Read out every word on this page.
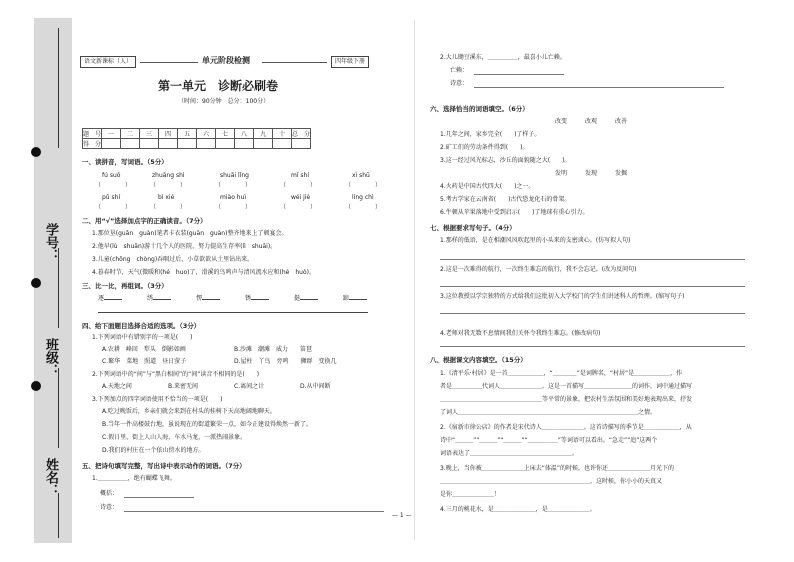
学号：
班级：
姓名：
语文新课标（人）	单元阶段检测	四年级下册
第一单元　诊断必刷卷
（时间：90分钟　总分：100分）
题　号	一	二	三	四	五	六	七	八	九	十	总　分
得　分											
一、读拼音，写词语。（5分）
fú suǒ	zhuāng shì	shuāi lǐng	mǐ shí	xì shū
（　　　　）	（　　　　）	（　　　　）	（　　　　）	（　　　　）
pǔ shí	bì xié	miào huì	wéi jiè	líng chì
（　　　　）	（　　　　）	（　　　　）	（　　　　）	（　　　　）
二、用“√”选择加点字的正确读音。（7分）
1.那位垦(guān　guàn)笔者卡衣装(guān　guàn)整齐地来上了顿宴会。
2.他早(lù　shuān)游十几个人的医院，努力提高生存率(lì　shuāi)。
3.儿童(chōng　chòng)吞咽过后，小草欲欲从土里钻出来。
4.暮春时节，天气(微暖和(hé　huo)了，滑溪的鸟鸣声与清风流水应和(hé　huò)。
三、比一比，再组词。（3分）
逐	绣	愣	锈	挺	蹄
四、给下面题目选择合适的选项。（3分）
1.下列词语中有错别字的一项是(　　)
A.农耕　峰回　犁头　倒影如画	B.沙滩　潮滩　威力　　笛琶
C.繁华　菜地　照道　昼日萤子	D.屋柱　丫鸟　旁鸣　　狮群　变换几
2.下列词语中的“间”与“黑白相间”的“间”读音不相同的是(　　)
A.天地之间	B.来密无间	C.离间之计	D.从中间断
3.下列加点的四字词语使用不恰当的一项是(　　)
A.吃过晚饭后，乡亲们就会来到在村头的桂树下天高地阔地聊天。
B.当年一件高楼鼓台地，虽说现在的街道繁荣一点，如今正建设得焕然一新了。
C.假日里，街上人山人海，车水马龙，一派热闹景象。
D.我们的村庄在一个依山傍水的地方。
五、把诗句填写完整，写出诗中表示动作的词语。（7分）
1.＿＿＿＿＿，绝有蝴蝶飞舞。
概括：
诗意：
— 1 —
2.大儿锄豆溪东，＿＿＿＿＿，最喜小儿亡赖。
亡赖：
诗意：
六、选择恰当的词语填空。（6分）
改变	改观	改善
1.几年之间，家乡完全(　　)了样子。
2.矿工们的劳动条件得到(　　)。
3.这一经过风光标志，沙丘的面貌随之大(　　)。
发明	发现	发掘
4.火药是中国古代四大(　　)之一。
5.考古学家在云南省(　　)古代恐龙化石的骨架。
6.牛顿从苹果落地中受到启示(　　)了地球有重心引力。
七、根据要求写句子。（4分）
1.那样的低语，是在相潮风风吹起里的小头来的支密谈心。(仿写拟人句)
2.这是一次难得的航行，一次终生难忘的航行，我不会忘记。(改为反问句)
3.这位教授以学宗独特的方式给我们这批初入大学校门的学生们讲述科人的哲理。(缩写句子)
4.老师对我无数不息情间我们关怀令我终生难忘。(修改病句)
八、根据课文内容填空。（15分）
1.《清平乐·村居》是一首＿＿＿＿＿＿，“＿＿＿＿”是词牌名，“村居”是＿＿＿＿＿＿，作
者是＿＿＿＿＿代词人＿＿＿＿＿＿＿。这是一首描写＿＿＿＿＿＿＿＿的词作，词中通过描写
＿＿＿＿＿＿＿＿＿＿＿＿＿＿＿＿＿等平常的景象，把农村生活氛围和美好地表现出来，抒发
了词人＿＿＿＿＿＿＿＿＿＿＿＿＿＿＿＿＿＿＿＿＿＿＿＿＿＿＿＿＿＿之情。
2.《宿新市徐公店》的作者是宋代诗人＿＿＿＿＿＿＿。这首诗描写的季节是＿＿＿＿＿＿，从
诗中“＿＿＿”“＿＿＿”“＿＿＿”“＿＿＿＿＿”等词语可以看出。“急走”“追”这两个
词语表达了＿＿＿＿＿＿＿＿＿＿＿＿＿＿＿＿＿。
3.晚上，当你被＿＿＿＿＿＿＿上床去“体温”的时候，也许你还＿＿＿＿＿＿＿月光下的
＿＿＿＿＿＿＿＿＿＿＿＿＿＿＿＿＿＿＿＿＿＿＿＿＿，这时候，你小小的天真又
是你＿＿＿＿＿＿＿！
4.三月的桃花水，是＿＿＿＿＿＿＿，是＿＿＿＿＿＿＿。
